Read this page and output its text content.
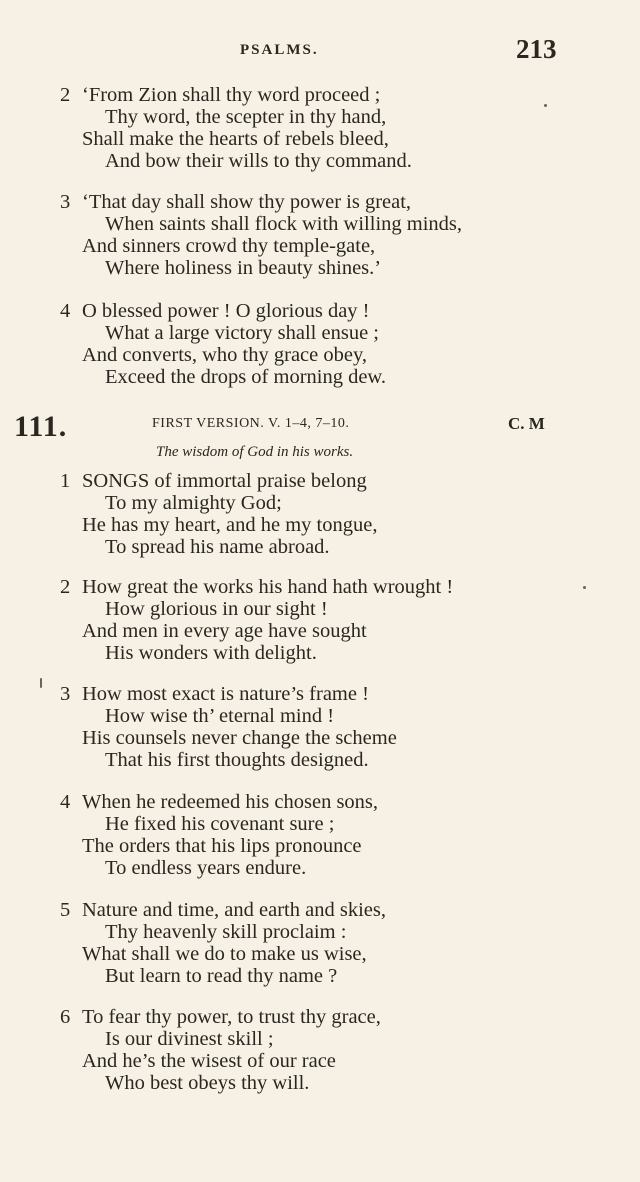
PSALMS.	213
2 ‘From Zion shall thy word proceed ;
Thy word, the scepter in thy hand,
Shall make the hearts of rebels bleed,
And bow their wills to thy command.
3 ‘That day shall show thy power is great,
When saints shall flock with willing minds,
And sinners crowd thy temple-gate,
Where holiness in beauty shines.’
4 O blessed power ! O glorious day !
What a large victory shall ensue ;
And converts, who thy grace obey,
Exceed the drops of morning dew.
111.	FIRST VERSION. V. 1–4, 7–10.	C. M
The wisdom of God in his works.
1 SONGS of immortal praise belong
To my almighty God;
He has my heart, and he my tongue,
To spread his name abroad.
2 How great the works his hand hath wrought !
How glorious in our sight !
And men in every age have sought
His wonders with delight.
3 How most exact is nature’s frame !
How wise th’ eternal mind !
His counsels never change the scheme
That his first thoughts designed.
4 When he redeemed his chosen sons,
He fixed his covenant sure ;
The orders that his lips pronounce
To endless years endure.
5 Nature and time, and earth and skies,
Thy heavenly skill proclaim :
What shall we do to make us wise,
But learn to read thy name ?
6 To fear thy power, to trust thy grace,
Is our divinest skill ;
And he’s the wisest of our race
Who best obeys thy will.
